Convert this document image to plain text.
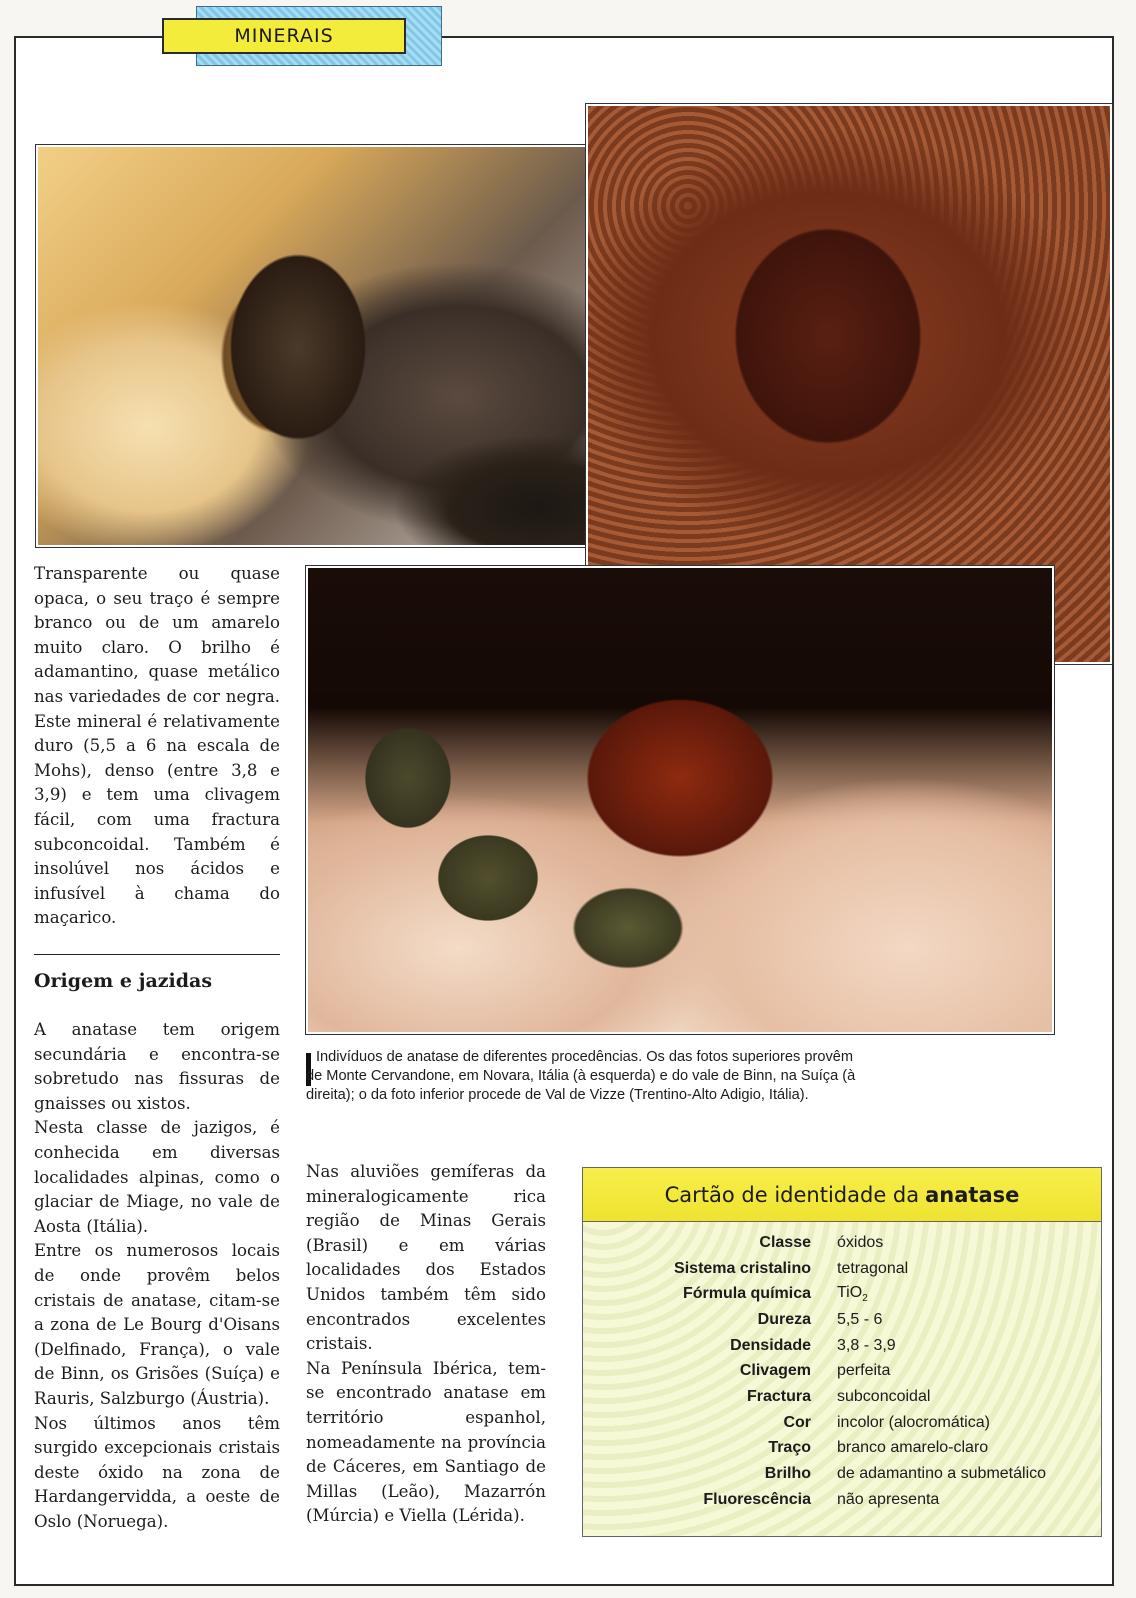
MINERAIS

Transparente ou quase opaca, o seu traço é sempre branco ou de um amarelo muito claro. O brilho é adamantino, quase metálico nas variedades de cor negra. Este mineral é relativamente duro (5,5 a 6 na escala de Mohs), denso (entre 3,8 e 3,9) e tem uma clivagem fácil, com uma fractura subconcoidal. Também é insolúvel nos ácidos e infusível à chama do maçarico.

Origem e jazidas

A anatase tem origem secundária e encontra-se sobretudo nas fissuras de gnaisses ou xistos.

Nesta classe de jazigos, é conhecida em diversas localidades alpinas, como o glaciar de Miage, no vale de Aosta (Itália).

Entre os numerosos locais de onde provêm belos cristais de anatase, citam-se a zona de Le Bourg d'Oisans (Delfinado, França), o vale de Binn, os Grisões (Suíça) e Rauris, Salzburgo (Áustria).

Nos últimos anos têm surgido excepcionais cristais deste óxido na zona de Hardangervidda, a oeste de Oslo (Noruega).

Indivíduos de anatase de diferentes procedências. Os das fotos superiores provêm de Monte Cervandone, em Novara, Itália (à esquerda) e do vale de Binn, na Suíça (à direita); o da foto inferior procede de Val de Vizze (Trentino-Alto Adigio, Itália).

Nas aluviões gemíferas da mineralogicamente rica região de Minas Gerais (Brasil) e em várias localidades dos Estados Unidos também têm sido encontrados excelentes cristais.

Na Península Ibérica, tem-se encontrado anatase em território espanhol, nomeadamente na província de Cáceres, em Santiago de Millas (Leão), Mazarrón (Múrcia) e Viella (Lérida).

Cartão de identidade da anatase
Classe	óxidos
Sistema cristalino	tetragonal
Fórmula química	TiO$_2$
Dureza	5,5 - 6
Densidade	3,8 - 3,9
Clivagem	perfeita
Fractura	subconcoidal
Cor	incolor (alocromática)
Traço	branco amarelo-claro
Brilho	de adamantino a submetálico
Fluorescência	não apresenta
